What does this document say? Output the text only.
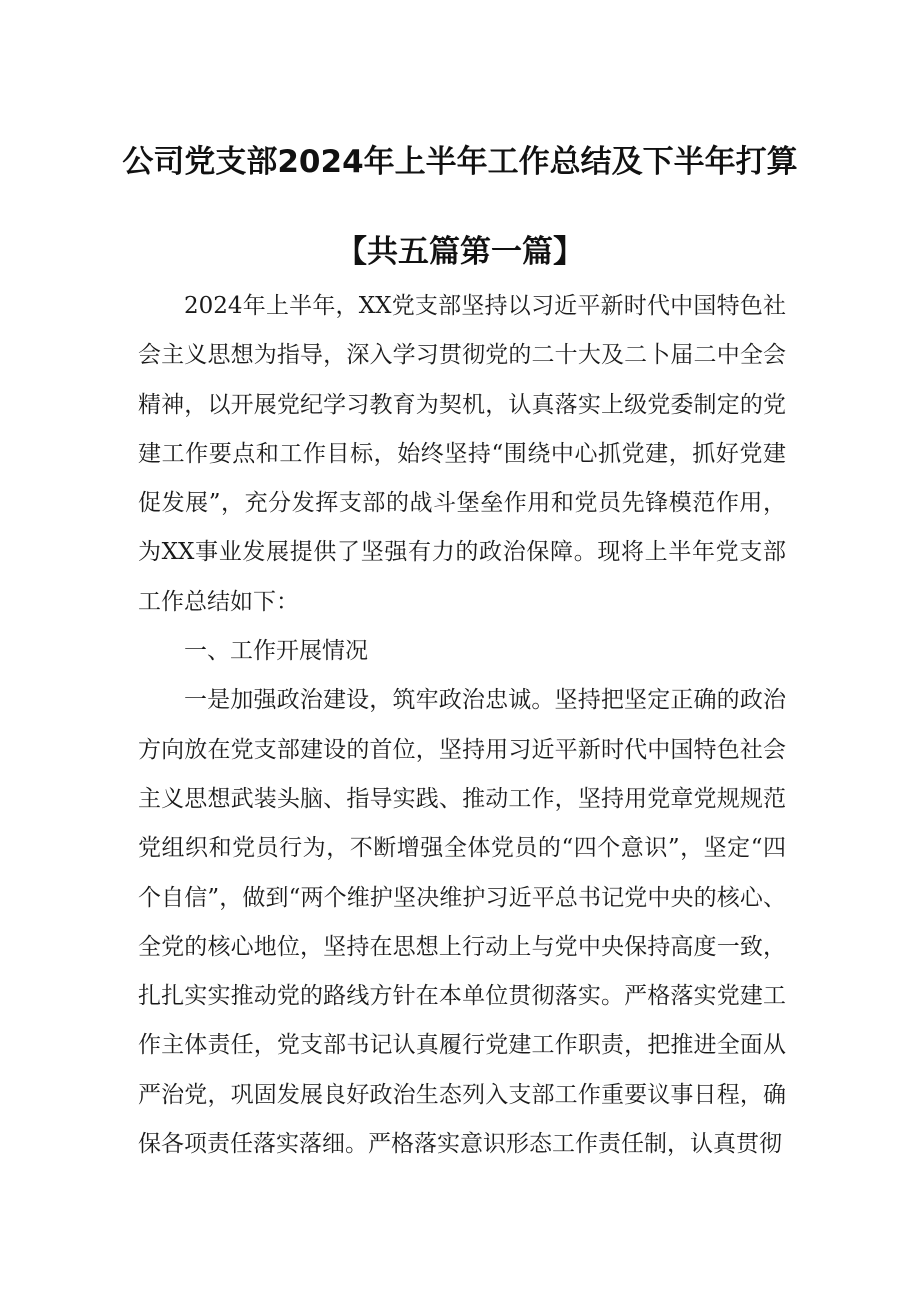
公司党支部2024年上半年工作总结及下半年打算
【共五篇第一篇】

2024年上半年，XX党支部坚持以习近平新时代中国特色社会主义思想为指导，深入学习贯彻党的二十大及二卜届二中全会精神，以开展党纪学习教育为契机，认真落实上级党委制定的党建工作要点和工作目标，始终坚持“围绕中心抓党建，抓好党建促发展”，充分发挥支部的战斗堡垒作用和党员先锋模范作用，为XX事业发展提供了坚强有力的政治保障。现将上半年党支部工作总结如下：

一、工作开展情况

一是加强政治建设，筑牢政治忠诚。坚持把坚定正确的政治方向放在党支部建设的首位，坚持用习近平新时代中国特色社会主义思想武装头脑、指导实践、推动工作，坚持用党章党规规范党组织和党员行为，不断增强全体党员的“四个意识”，坚定“四个自信”，做到“两个维护坚决维护习近平总书记党中央的核心、全党的核心地位，坚持在思想上行动上与党中央保持高度一致，扎扎实实推动党的路线方针在本单位贯彻落实。严格落实党建工作主体责任，党支部书记认真履行党建工作职责，把推进全面从严治党，巩固发展良好政治生态列入支部工作重要议事日程，确保各项责任落实落细。严格落实意识形态工作责任制，认真贯彻
